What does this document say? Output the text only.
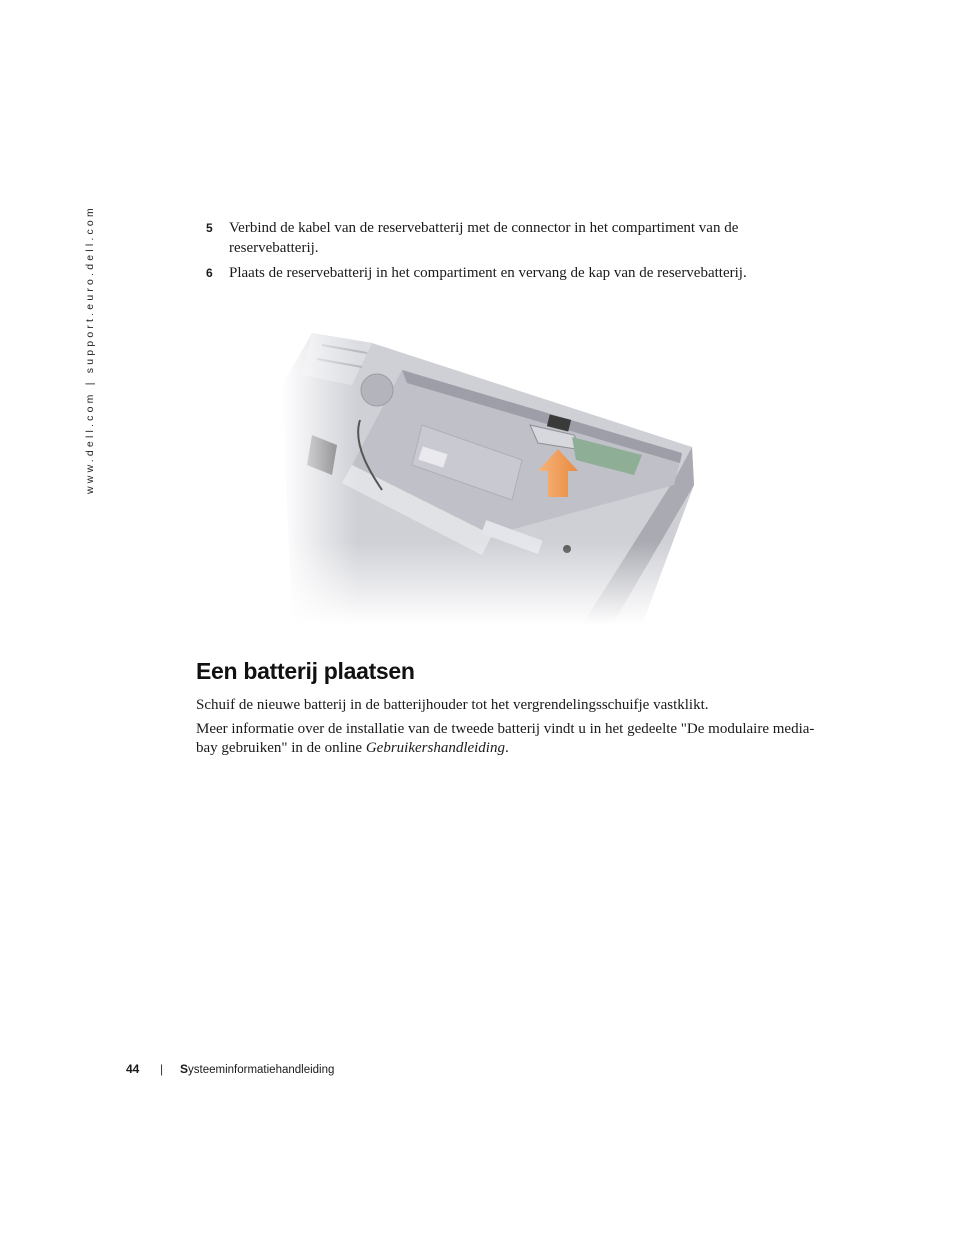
www.dell.com | support.euro.dell.com	5	Verbind de kabel van de reservebatterij met de connector in het compartiment van de reservebatterij.
6	Plaats de reservebatterij in het compartiment en vervang de kap van de reservebatterij.
Een batterij plaatsen

Schuif de nieuwe batterij in de batterijhouder tot het vergrendelingsschuifje vastklikt.

Meer informatie over de installatie van de tweede batterij vindt u in het gedeelte "De modulaire media-bay gebruiken" in de online Gebruikershandleiding.

44	|	Systeeminformatiehandleiding
